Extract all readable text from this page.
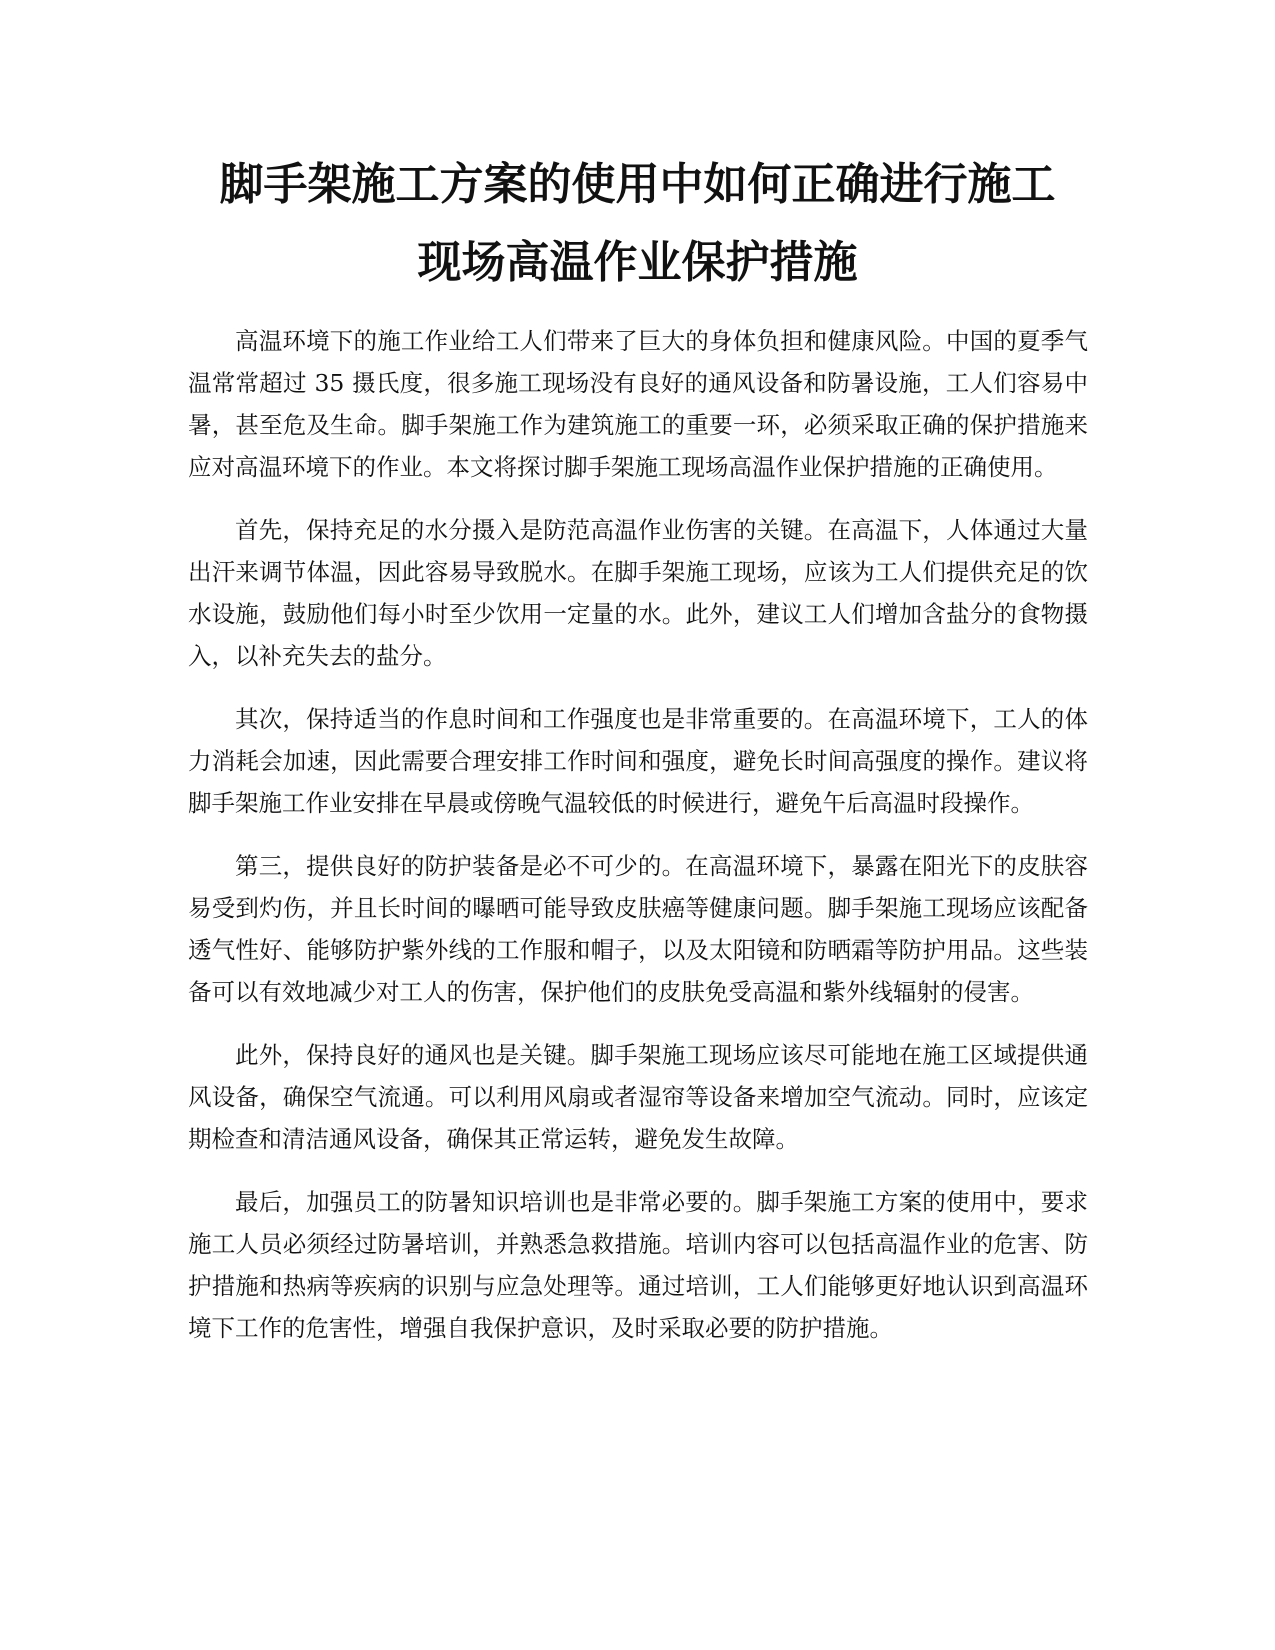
脚手架施工方案的使用中如何正确进行施工
现场高温作业保护措施

高温环境下的施工作业给工人们带来了巨大的身体负担和健康风险。中国的夏季气温常常超过 35 摄氏度，很多施工现场没有良好的通风设备和防暑设施，工人们容易中暑，甚至危及生命。脚手架施工作为建筑施工的重要一环，必须采取正确的保护措施来应对高温环境下的作业。本文将探讨脚手架施工现场高温作业保护措施的正确使用。

首先，保持充足的水分摄入是防范高温作业伤害的关键。在高温下，人体通过大量出汗来调节体温，因此容易导致脱水。在脚手架施工现场，应该为工人们提供充足的饮水设施，鼓励他们每小时至少饮用一定量的水。此外，建议工人们增加含盐分的食物摄入，以补充失去的盐分。

其次，保持适当的作息时间和工作强度也是非常重要的。在高温环境下，工人的体力消耗会加速，因此需要合理安排工作时间和强度，避免长时间高强度的操作。建议将脚手架施工作业安排在早晨或傍晚气温较低的时候进行，避免午后高温时段操作。

第三，提供良好的防护装备是必不可少的。在高温环境下，暴露在阳光下的皮肤容易受到灼伤，并且长时间的曝晒可能导致皮肤癌等健康问题。脚手架施工现场应该配备透气性好、能够防护紫外线的工作服和帽子，以及太阳镜和防晒霜等防护用品。这些装备可以有效地减少对工人的伤害，保护他们的皮肤免受高温和紫外线辐射的侵害。

此外，保持良好的通风也是关键。脚手架施工现场应该尽可能地在施工区域提供通风设备，确保空气流通。可以利用风扇或者湿帘等设备来增加空气流动。同时，应该定期检查和清洁通风设备，确保其正常运转，避免发生故障。

最后，加强员工的防暑知识培训也是非常必要的。脚手架施工方案的使用中，要求施工人员必须经过防暑培训，并熟悉急救措施。培训内容可以包括高温作业的危害、防护措施和热病等疾病的识别与应急处理等。通过培训，工人们能够更好地认识到高温环境下工作的危害性，增强自我保护意识，及时采取必要的防护措施。
